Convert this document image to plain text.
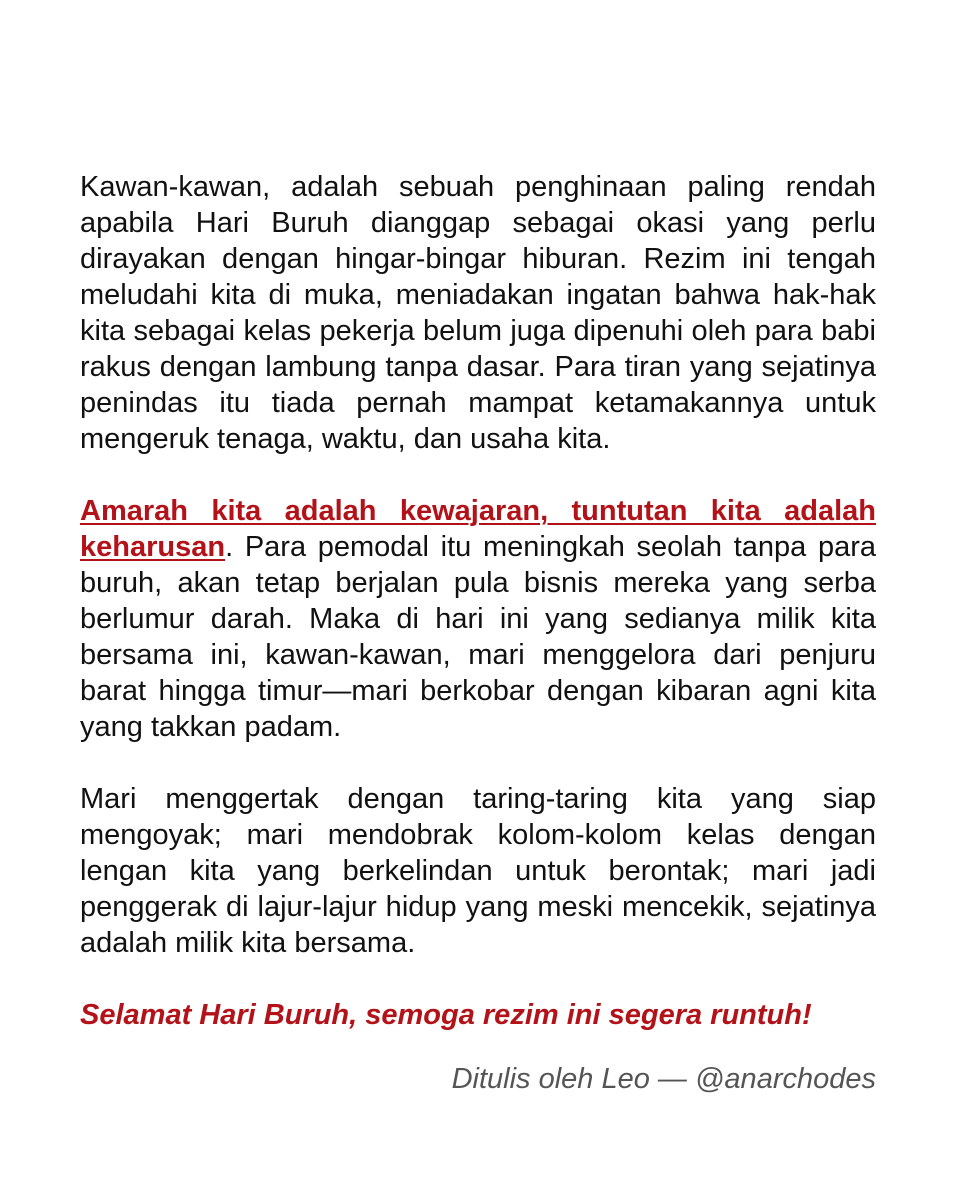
Kawan-kawan, adalah sebuah penghinaan paling rendah apabila Hari Buruh dianggap sebagai okasi yang perlu dirayakan dengan hingar-bingar hiburan. Rezim ini tengah meludahi kita di muka, meniadakan ingatan bahwa hak-hak kita sebagai kelas pekerja belum juga dipenuhi oleh para babi rakus dengan lambung tanpa dasar. Para tiran yang sejatinya penindas itu tiada pernah mampat ketamakannya untuk mengeruk tenaga, waktu, dan usaha kita.

Amarah kita adalah kewajaran, tuntutan kita adalah keharusan. Para pemodal itu meningkah seolah tanpa para buruh, akan tetap berjalan pula bisnis mereka yang serba berlumur darah. Maka di hari ini yang sedianya milik kita bersama ini, kawan-kawan, mari menggelora dari penjuru barat hingga timur—mari berkobar dengan kibaran agni kita yang takkan padam.

Mari menggertak dengan taring-taring kita yang siap mengoyak; mari mendobrak kolom-kolom kelas dengan lengan kita yang berkelindan untuk berontak; mari jadi penggerak di lajur-lajur hidup yang meski mencekik, sejatinya adalah milik kita bersama.

Selamat Hari Buruh, semoga rezim ini segera runtuh!

Ditulis oleh Leo — @anarchodes
